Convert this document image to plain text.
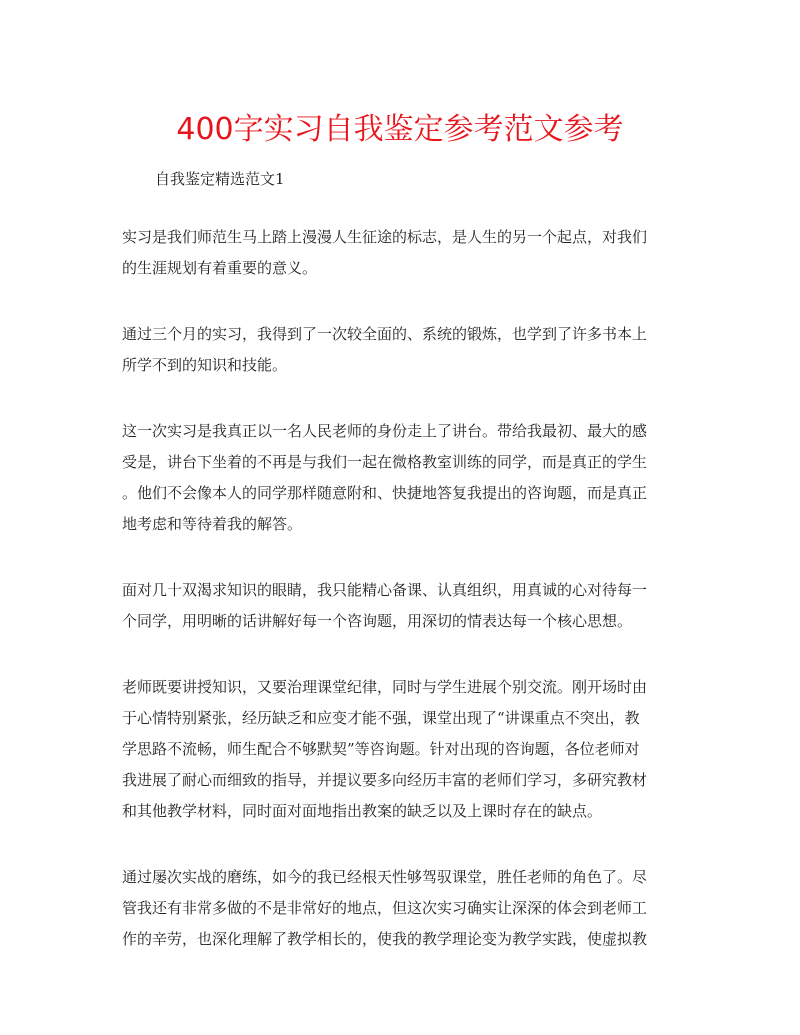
400字实习自我鉴定参考范文参考

自我鉴定精选范文1

实习是我们师范生马上踏上漫漫人生征途的标志，是人生的另一个起点，对我们
的生涯规划有着重要的意义。
通过三个月的实习，我得到了一次较全面的、系统的锻炼，也学到了许多书本上
所学不到的知识和技能。
这一次实习是我真正以一名人民老师的身份走上了讲台。带给我最初、最大的感
受是，讲台下坐着的不再是与我们一起在微格教室训练的同学，而是真正的学生
。他们不会像本人的同学那样随意附和、快捷地答复我提出的咨询题，而是真正
地考虑和等待着我的解答。
面对几十双渴求知识的眼睛，我只能精心备课、认真组织，用真诚的心对待每一
个同学，用明晰的话讲解好每一个咨询题，用深切的情表达每一个核心思想。
老师既要讲授知识，又要治理课堂纪律，同时与学生进展个别交流。刚开场时由
于心情特别紧张，经历缺乏和应变才能不强，课堂出现了“讲课重点不突出，教
学思路不流畅，师生配合不够默契”等咨询题。针对出现的咨询题，各位老师对
我进展了耐心而细致的指导，并提议要多向经历丰富的老师们学习，多研究教材
和其他教学材料，同时面对面地指出教案的缺乏以及上课时存在的缺点。
通过屡次实战的磨练，如今的我已经根天性够驾驭课堂，胜任老师的角色了。尽
管我还有非常多做的不是非常好的地点，但这次实习确实让深深的体会到老师工
作的辛劳，也深化理解了教学相长的，使我的教学理论变为教学实践，使虚拟教
